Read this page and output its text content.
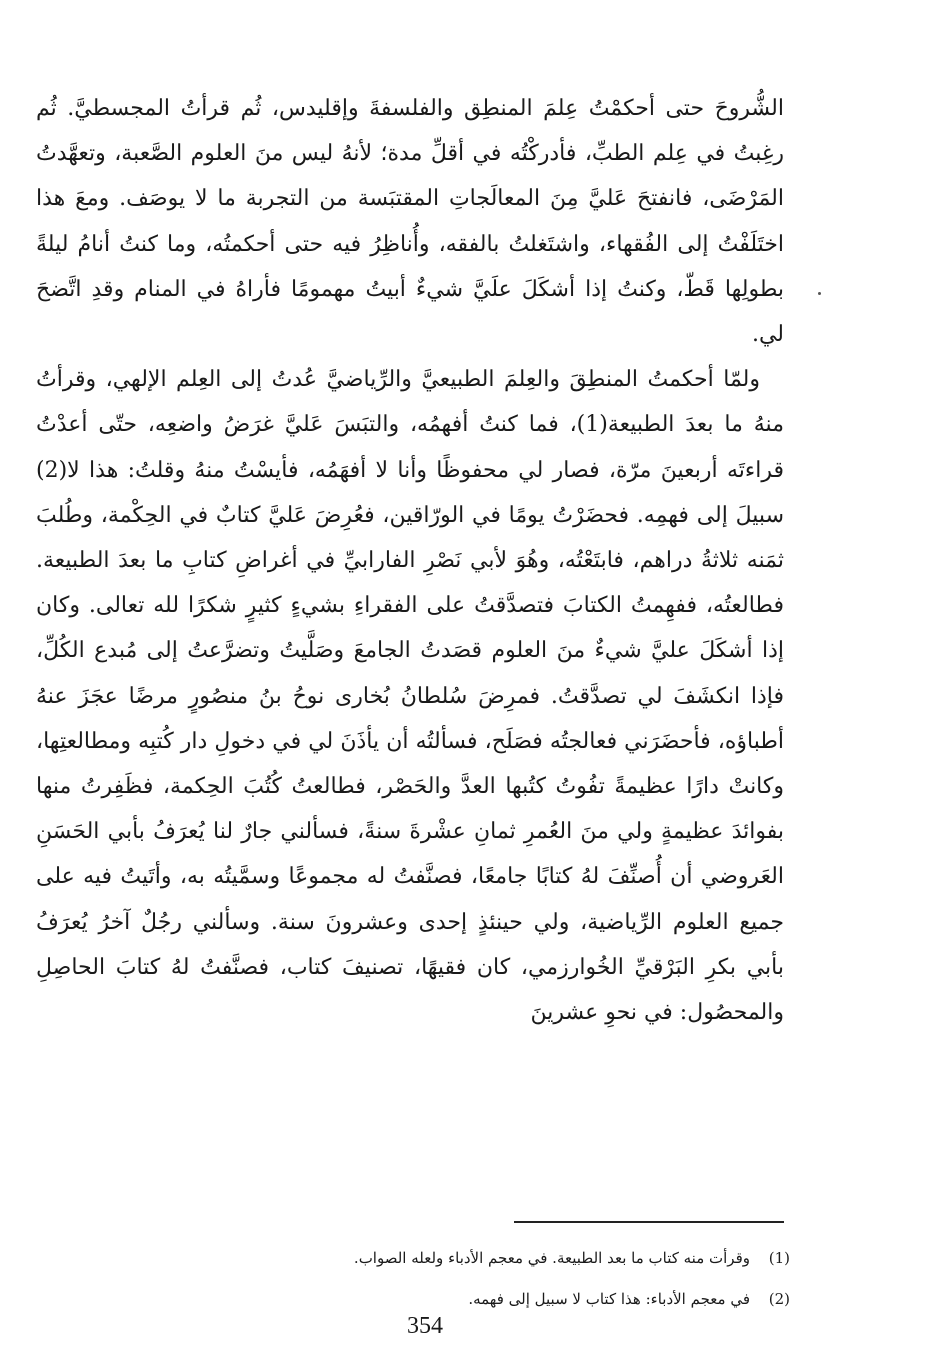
الشُّروحَ حتى أحكمْتُ عِلمَ المنطِق والفلسفةَ وإقليدس، ثُم قرأتُ المجسطيَّ. ثُم رغِبتُ في عِلم الطبِّ، فأدركْتُه في أقلِّ مدة؛ لأنهُ ليس منَ العلوم الصَّعبة، وتعهَّدتُ المَرْضَى، فانفتحَ عَليَّ مِنَ المعالَجاتِ المقتبَسة من التجربة ما لا يوصَف. ومعَ هذا اختَلَفْتُ إلى الفُقهاء، واشتَغلتُ بالفقه، وأُناظِرُ فيه حتى أحكمتُه، وما كنتُ أنامُ ليلةً بطولِها قَطّ، وكنتُ إذا أشكَلَ علَيَّ شيءٌ أبيتُ مهمومًا فأراهُ في المنام وقدِ اتَّضحَ لي.

ولمّا أحكمتُ المنطِقَ والعِلمَ الطبيعيَّ والرِّياضيَّ عُدتُ إلى العِلم الإلهي، وقرأتُ منهُ ما بعدَ الطبيعة(1)، فما كنتُ أفهمُه، والتبَسَ عَليَّ غرَضُ واضعِه، حتّى أعدْتُ قراءتَه أربعينَ مرّة، فصار لي محفوظًا وأنا لا أفهَمُه، فأيسْتُ منهُ وقلتُ: هذا لا(2) سبيلَ إلى فهمِه. فحضَرْتُ يومًا في الورّاقين، فعُرِضَ عَليَّ كتابٌ في الحِكْمة، وطُلبَ ثمَنه ثلاثةُ دراهم، فابتَعْتُه، وهُوَ لأبي نَصْرِ الفارابيِّ في أغراضِ كتابِ ما بعدَ الطبيعة. فطالعتُه، ففهِمتُ الكتابَ فتصدَّقتُ على الفقراءِ بشيءٍ كثيرٍ شكرًا لله تعالى. وكان إذا أشكَلَ عليَّ شيءٌ منَ العلوم قصَدتُ الجامعَ وصَلَّيتُ وتضرَّعتُ إلى مُبدع الكُلِّ، فإذا انكشَفَ لي تصدَّقتُ. فمرِضَ سُلطانُ بُخارى نوحُ بنُ منصُورٍ مرضًا عجَزَ عنهُ أطباؤه، فأحضَرَني فعالجتُه فصَلَح، فسألتُه أن يأذَنَ لي في دخولِ دار كُتبِه ومطالعتِها، وكانتْ دارًا عظيمةً تفُوتُ كتُبها العدَّ والحَصْر، فطالعتُ كُتُبَ الحِكمة، فظَفِرتُ منها بفوائدَ عظيمةٍ ولي منَ العُمرِ ثمانِ عشْرةَ سنةً، فسألني جارٌ لنا يُعرَفُ بأبي الحَسَنِ العَروضي أن أُصنِّفَ لهُ كتابًا جامعًا، فصنَّفتُ له مجموعًا وسمَّيتُه به، وأتَيتُ فيه على جميع العلوم الرِّياضية، ولي حينئذٍ إحدى وعشرونَ سنة. وسألني رجُلٌ آخرُ يُعرَفُ بأبي بكرِ البَرْقيِّ الخُوارزمي، كان فقيهًا، تصنيفَ كتاب، فصنَّفتُ لهُ كتابَ الحاصِلِ والمحصُول: في نحوِ عشرينَ

(1)
وقرأت منه كتاب ما بعد الطبيعة. في معجم الأدباء ولعله الصواب.
(2)
في معجم الأدباء: هذا كتاب لا سبيل إلى فهمه.
354
